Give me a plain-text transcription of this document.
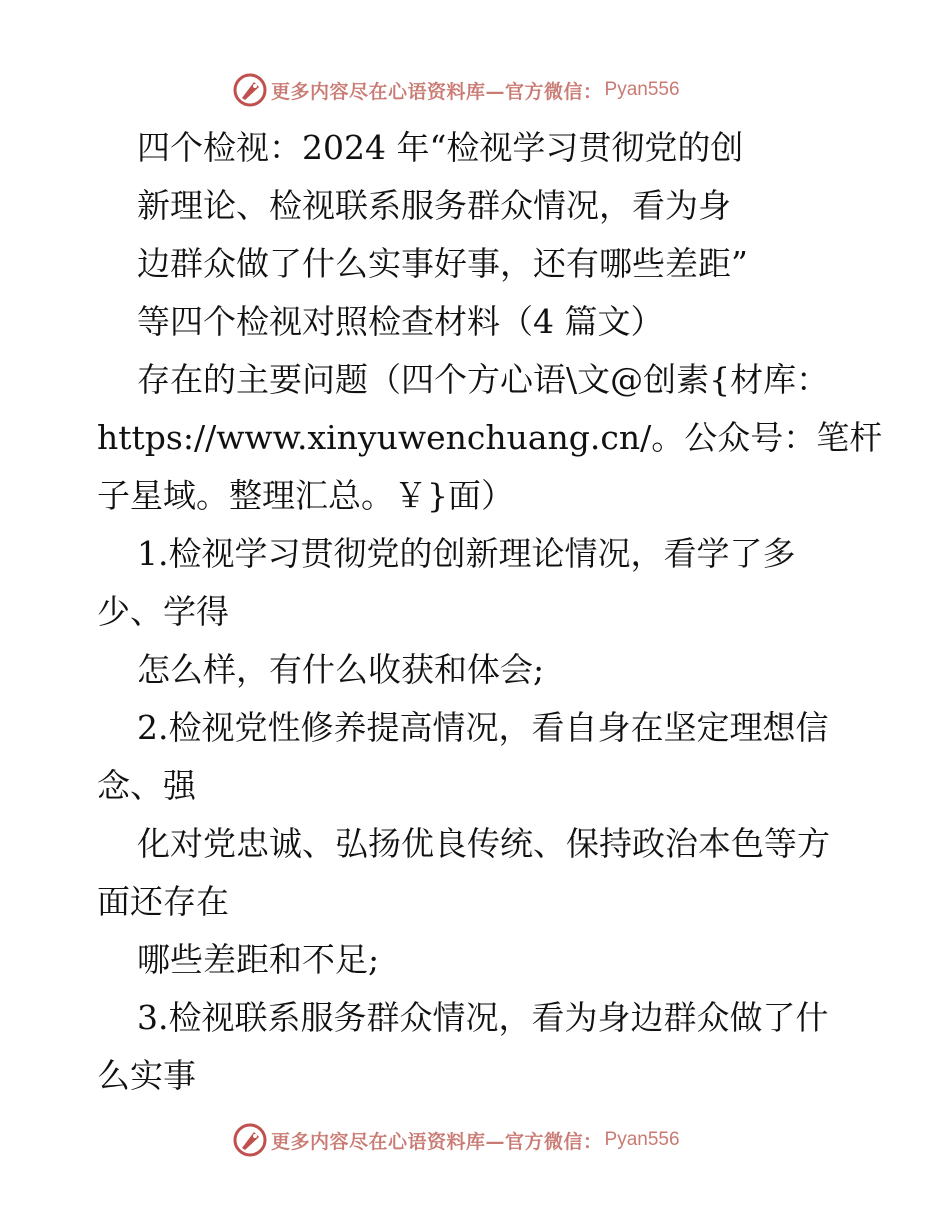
更多内容尽在心语资料库—官方微信： Pyan556
四个检视：2024 年“检视学习贯彻党的创
新理论、检视联系服务群众情况，看为身
边群众做了什么实事好事，还有哪些差距”
等四个检视对照检查材料（4 篇文）
存在的主要问题（四个方心语\文@创素{材库：
https://www.xinyuwenchuang.cn/。公众号：笔杆
子星域。整理汇总。￥}面）
1.检视学习贯彻党的创新理论情况，看学了多
少、学得
怎么样，有什么收获和体会;
2.检视党性修养提高情况，看自身在坚定理想信
念、强
化对党忠诚、弘扬优良传统、保持政治本色等方
面还存在
哪些差距和不足;
3.检视联系服务群众情况，看为身边群众做了什
么实事
更多内容尽在心语资料库—官方微信： Pyan556
